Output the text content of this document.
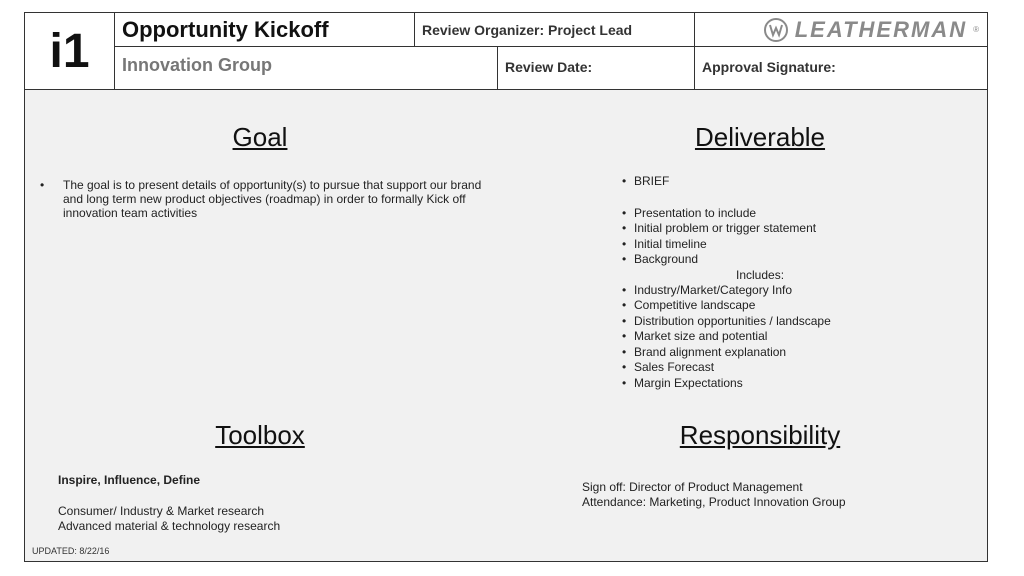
i1	Opportunity Kickoff	Review Organizer: Project Lead	LEATHERMAN ®
Innovation Group	Review Date:	Approval Signature:
Goal
• The goal is to present details of opportunity(s) to pursue that support our brand and long term new product objectives (roadmap) in order to formally Kick off innovation team activities
Deliverable
• BRIEF
• Presentation to include
• Initial problem or trigger statement
• Initial timeline
• Background
Includes:
• Industry/Market/Category Info
• Competitive landscape
• Distribution opportunities / landscape
• Market size and potential
• Brand alignment explanation
• Sales Forecast
• Margin Expectations
Toolbox
Inspire, Influence, Define
Consumer/ Industry & Market research
Advanced material & technology research
Responsibility
Sign off: Director of Product Management
Attendance: Marketing, Product Innovation Group
UPDATED: 8/22/16
